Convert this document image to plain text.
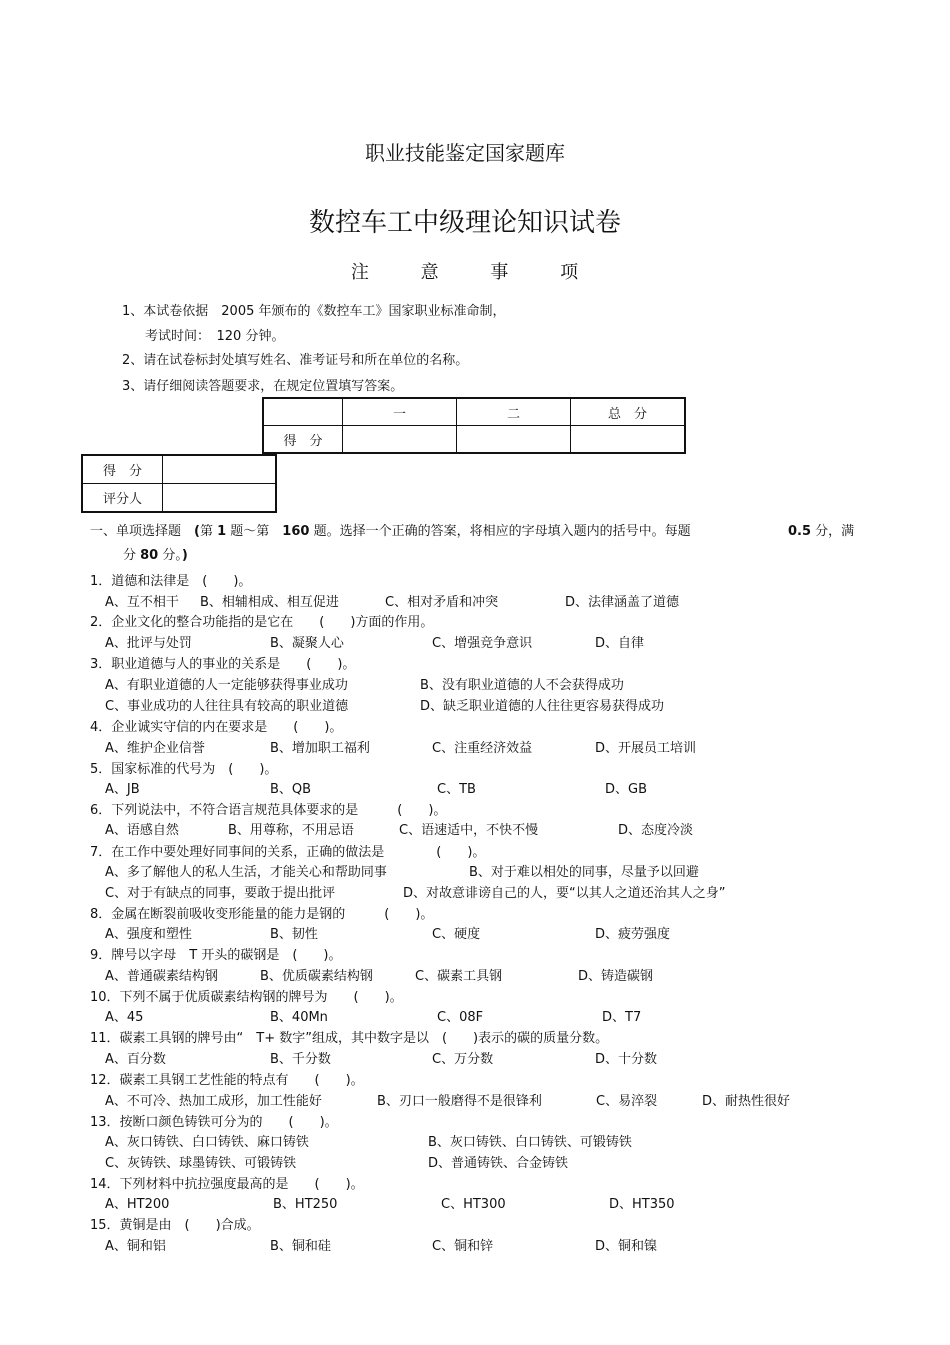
职业技能鉴定国家题库
数控车工中级理论知识试卷
注	意	事	项
1、本试卷依据　2005 年颁布的《数控车工》国家职业标准命制，
考试时间：　120 分钟。
2、请在试卷标封处填写姓名、准考证号和所在单位的名称。
3、请仔细阅读答题要求，在规定位置填写答案。
	一	二	总　分
得　分			
得　分	
评分人	
一、单项选择题　(第 1 题～第　160 题。选择一个正确的答案，将相应的字母填入题内的括号中。每题	0.5 分，满
分 80 分。)
1．道德和法律是　(　　)。
A、互不相干 B、相辅相成、相互促进	C、相对矛盾和冲突	D、法律涵盖了道德
2．企业文化的整合功能指的是它在　　(　　)方面的作用。
A、批评与处罚	B、凝聚人心	C、增强竞争意识	D、自律
3．职业道德与人的事业的关系是　　(　　)。
A、有职业道德的人一定能够获得事业成功	B、没有职业道德的人不会获得成功
C、事业成功的人往往具有较高的职业道德	D、缺乏职业道德的人往往更容易获得成功
4．企业诚实守信的内在要求是　　(　　)。
A、维护企业信誉	B、增加职工福利	C、注重经济效益	D、开展员工培训
5．国家标准的代号为　(　　)。
A、JB	B、QB	C、TB	D、GB
6．下列说法中，不符合语言规范具体要求的是　　　(　　)。
A、语感自然	B、用尊称，不用忌语	C、语速适中，不快不慢	D、态度冷淡
7．在工作中要处理好同事间的关系，正确的做法是　　　　(　　)。
A、多了解他人的私人生活，才能关心和帮助同事	B、对于难以相处的同事，尽量予以回避
C、对于有缺点的同事，要敢于提出批评	D、对故意诽谤自己的人，要“以其人之道还治其人之身”
8．金属在断裂前吸收变形能量的能力是钢的　　　(　　)。
A、强度和塑性	B、韧性	C、硬度	D、疲劳强度
9．牌号以字母　T 开头的碳钢是　(　　)。
A、普通碳素结构钢	B、优质碳素结构钢	C、碳素工具钢	D、铸造碳钢
10．下列不属于优质碳素结构钢的牌号为　　(　　)。
A、45	B、40Mn	C、08F	D、T7
11．碳素工具钢的牌号由“　T+ 数字”组成，其中数字是以　(　　)表示的碳的质量分数。
A、百分数	B、千分数	C、万分数	D、十分数
12．碳素工具钢工艺性能的特点有　　(　　)。
A、不可冷、热加工成形，加工性能好	B、刃口一般磨得不是很锋利	C、易淬裂	D、耐热性很好
13．按断口颜色铸铁可分为的　　(　　)。
A、灰口铸铁、白口铸铁、麻口铸铁	B、灰口铸铁、白口铸铁、可锻铸铁
C、灰铸铁、球墨铸铁、可锻铸铁	D、普通铸铁、合金铸铁
14．下列材料中抗拉强度最高的是　　(　　)。
A、HT200	B、HT250	C、HT300	D、HT350
15．黄铜是由　(　　)合成。
A、铜和铝	B、铜和硅	C、铜和锌	D、铜和镍
